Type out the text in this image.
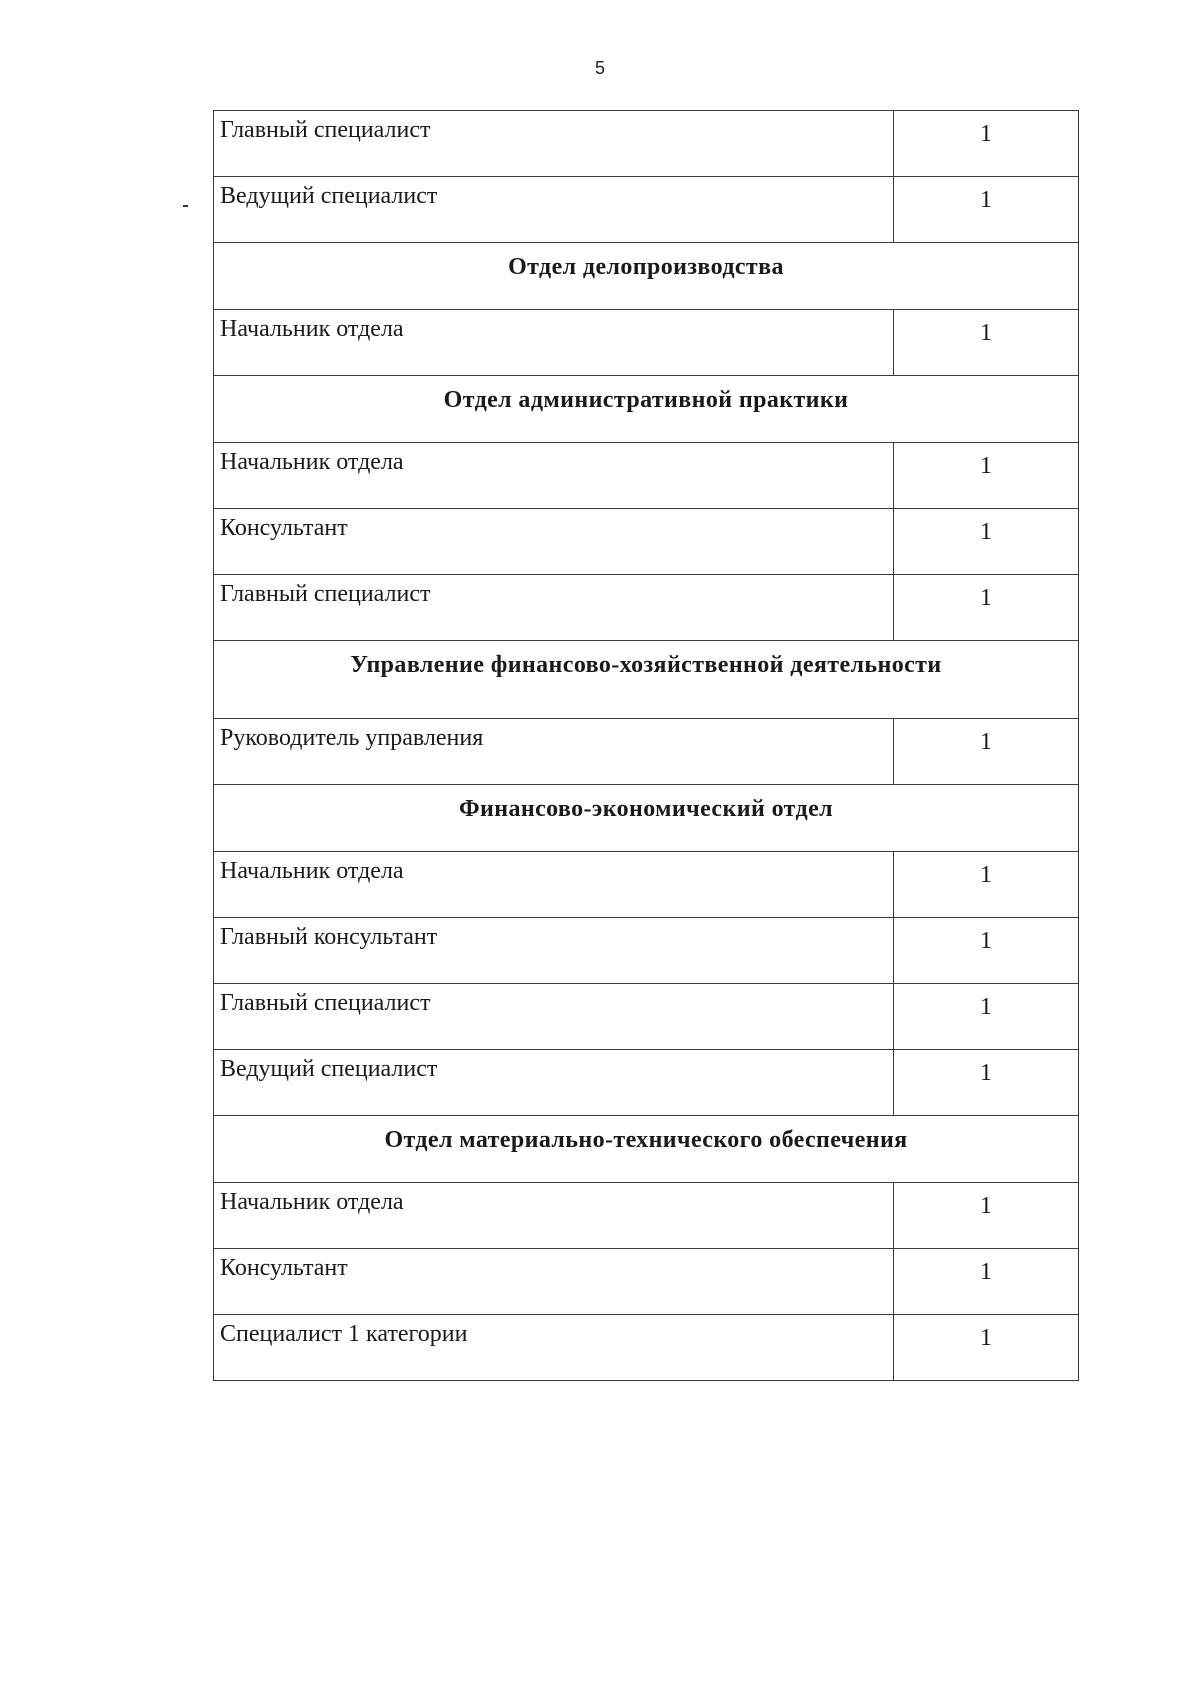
5
Главный специалист	1
Ведущий специалист	1
Отдел делопроизводства	
Начальник отдела	1
Отдел административной практики	
Начальник отдела	1
Консультант	1
Главный специалист	1
Управление финансово-хозяйственной деятельности	
Руководитель управления	1
Финансово-экономический отдел	
Начальник отдела	1
Главный консультант	1
Главный специалист	1
Ведущий специалист	1
Отдел материально-технического обеспечения	
Начальник отдела	1
Консультант	1
Специалист 1 категории	1
